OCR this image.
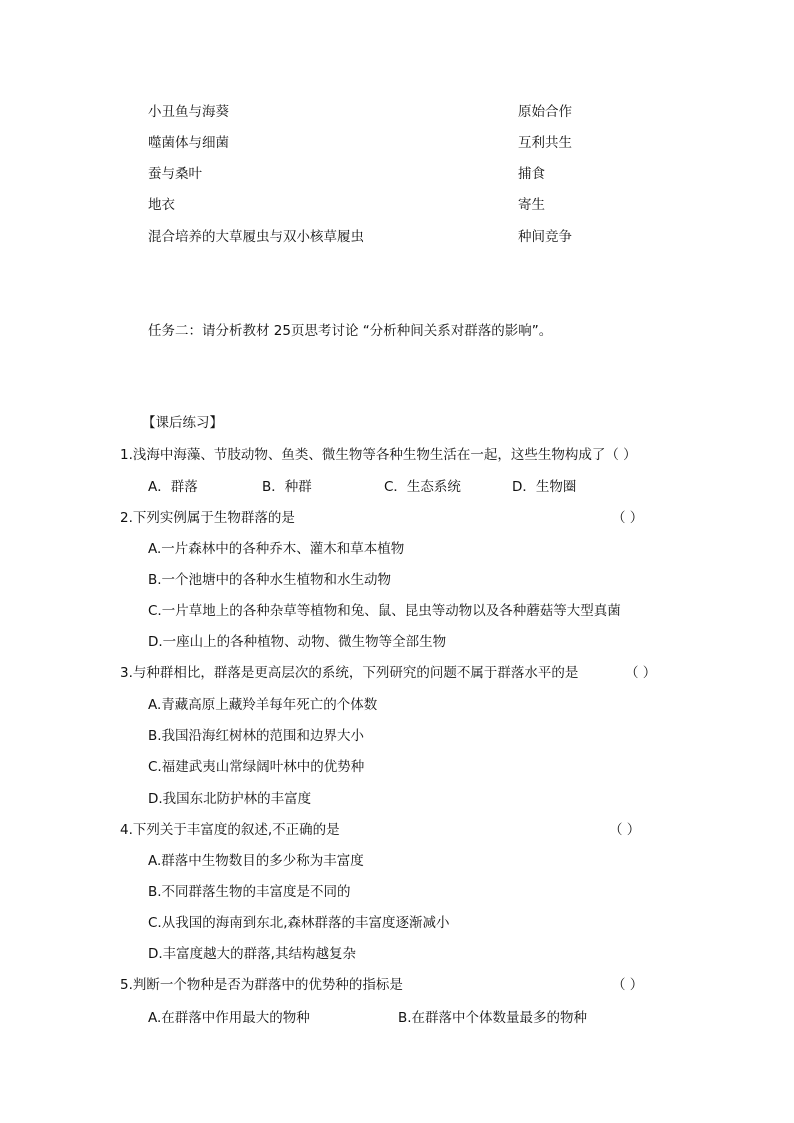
小丑鱼与海葵	原始合作
噬菌体与细菌	互利共生
蚕与桑叶	捕食
地衣	寄生
混合培养的大草履虫与双小核草履虫	种间竞争
任务二：请分析教材 25页思考讨论 “分析种间关系对群落的影响”。
【课后练习】
1.浅海中海藻、节肢动物、鱼类、微生物等各种生物生活在一起，这些生物构成了（ ）
A．群落	B．种群	C．生态系统	D．生物圈
2.下列实例属于生物群落的是	（ ）
A.一片森林中的各种乔木、灌木和草本植物
B.一个池塘中的各种水生植物和水生动物
C.一片草地上的各种杂草等植物和兔、鼠、昆虫等动物以及各种蘑菇等大型真菌
D.一座山上的各种植物、动物、微生物等全部生物
3.与种群相比，群落是更高层次的系统，下列研究的问题不属于群落水平的是	（ ）
A.青藏高原上藏羚羊每年死亡的个体数
B.我国沿海红树林的范围和边界大小
C.福建武夷山常绿阔叶林中的优势种
D.我国东北防护林的丰富度
4.下列关于丰富度的叙述,不正确的是	（ ）
A.群落中生物数目的多少称为丰富度
B.不同群落生物的丰富度是不同的
C.从我国的海南到东北,森林群落的丰富度逐渐减小
D.丰富度越大的群落,其结构越复杂
5.判断一个物种是否为群落中的优势种的指标是	（ ）
A.在群落中作用最大的物种	B.在群落中个体数量最多的物种
